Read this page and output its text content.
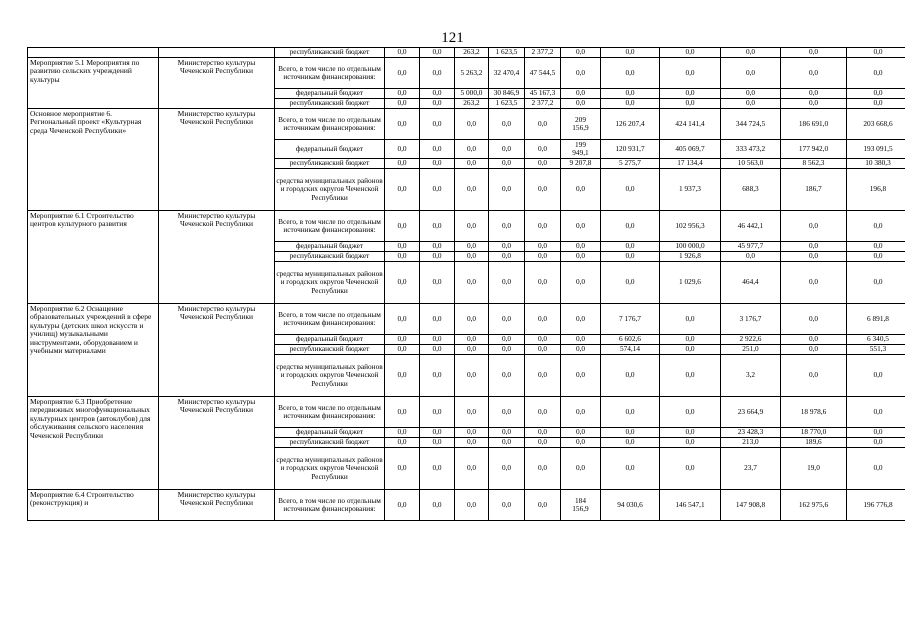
121
		республиканский бюджет	0,0	0,0	263,2	1 623,5	2 377,2	0,0	0,0	0,0	0,0	0,0	0,0
Мероприятие 5.1 Мероприятия по развитию сельских учреждений культуры	Министерство культуры Чеченской Республики	Всего, в том числе по отдельным источникам финансирования:	0,0	0,0	5 263,2	32 470,4	47 544,5	0,0	0,0	0,0	0,0	0,0	0,0
		федеральный бюджет	0,0	0,0	5 000,0	30 846,9	45 167,3	0,0	0,0	0,0	0,0	0,0	0,0
		республиканский бюджет	0,0	0,0	263,2	1 623,5	2 377,2	0,0	0,0	0,0	0,0	0,0	0,0
Основное мероприятие 6. Региональный проект «Культурная среда Чеченской Республики»	Министерство культуры Чеченской Республики	Всего, в том числе по отдельным источникам финансирования:	0,0	0,0	0,0	0,0	0,0	209 156,9	126 207,4	424 141,4	344 724,5	186 691,0	203 668,6
		федеральный бюджет	0,0	0,0	0,0	0,0	0,0	199 949,1	120 931,7	405 069,7	333 473,2	177 942,0	193 091,5
		республиканский бюджет	0,0	0,0	0,0	0,0	0,0	9 207,8	5 275,7	17 134,4	10 563,0	8 562,3	10 380,3
		средства муниципальных районов и городских округов Чеченской Республики	0,0	0,0	0,0	0,0	0,0	0,0	0,0	1 937,3	688,3	186,7	196,8
Мероприятие 6.1 Строительство центров культурного развития	Министерство культуры Чеченской Республики	Всего, в том числе по отдельным источникам финансирования:	0,0	0,0	0,0	0,0	0,0	0,0	0,0	102 956,3	46 442,1	0,0	0,0
		федеральный бюджет	0,0	0,0	0,0	0,0	0,0	0,0	0,0	100 000,0	45 977,7	0,0	0,0
		республиканский бюджет	0,0	0,0	0,0	0,0	0,0	0,0	0,0	1 926,8	0,0	0,0	0,0
		средства муниципальных районов и городских округов Чеченской Республики	0,0	0,0	0,0	0,0	0,0	0,0	0,0	1 029,6	464,4	0,0	0,0
Мероприятие 6.2 Оснащение образовательных учреждений в сфере культуры (детских школ искусств и училищ) музыкальными инструментами, оборудованием и учебными материалами	Министерство культуры Чеченской Республики	Всего, в том числе по отдельным источникам финансирования:	0,0	0,0	0,0	0,0	0,0	0,0	7 176,7	0,0	3 176,7	0,0	6 891,8
		федеральный бюджет	0,0	0,0	0,0	0,0	0,0	0,0	6 602,6	0,0	2 922,6	0,0	6 340,5
		республиканский бюджет	0,0	0,0	0,0	0,0	0,0	0,0	574,14	0,0	251,0	0,0	551,3
		средства муниципальных районов и городских округов Чеченской Республики	0,0	0,0	0,0	0,0	0,0	0,0	0,0	0,0	3,2	0,0	0,0
Мероприятие 6.3 Приобретение передвижных многофункциональных культурных центров (автоклубов) для обслуживания сельского населения Чеченской Республики	Министерство культуры Чеченской Республики	Всего, в том числе по отдельным источникам финансирования:	0,0	0,0	0,0	0,0	0,0	0,0	0,0	0,0	23 664,9	18 978,6	0,0
		федеральный бюджет	0,0	0,0	0,0	0,0	0,0	0,0	0,0	0,0	23 428,3	18 770,0	0,0
		республиканский бюджет	0,0	0,0	0,0	0,0	0,0	0,0	0,0	0,0	213,0	189,6	0,0
		средства муниципальных районов и городских округов Чеченской Республики	0,0	0,0	0,0	0,0	0,0	0,0	0,0	0,0	23,7	19,0	0,0
Мероприятие 6.4 Строительство (реконструкция) и	Министерство культуры Чеченской Республики	Всего, в том числе по отдельным источникам финансирования:	0,0	0,0	0,0	0,0	0,0	184 156,9	94 030,6	146 547,1	147 908,8	162 975,6	196 776,8
